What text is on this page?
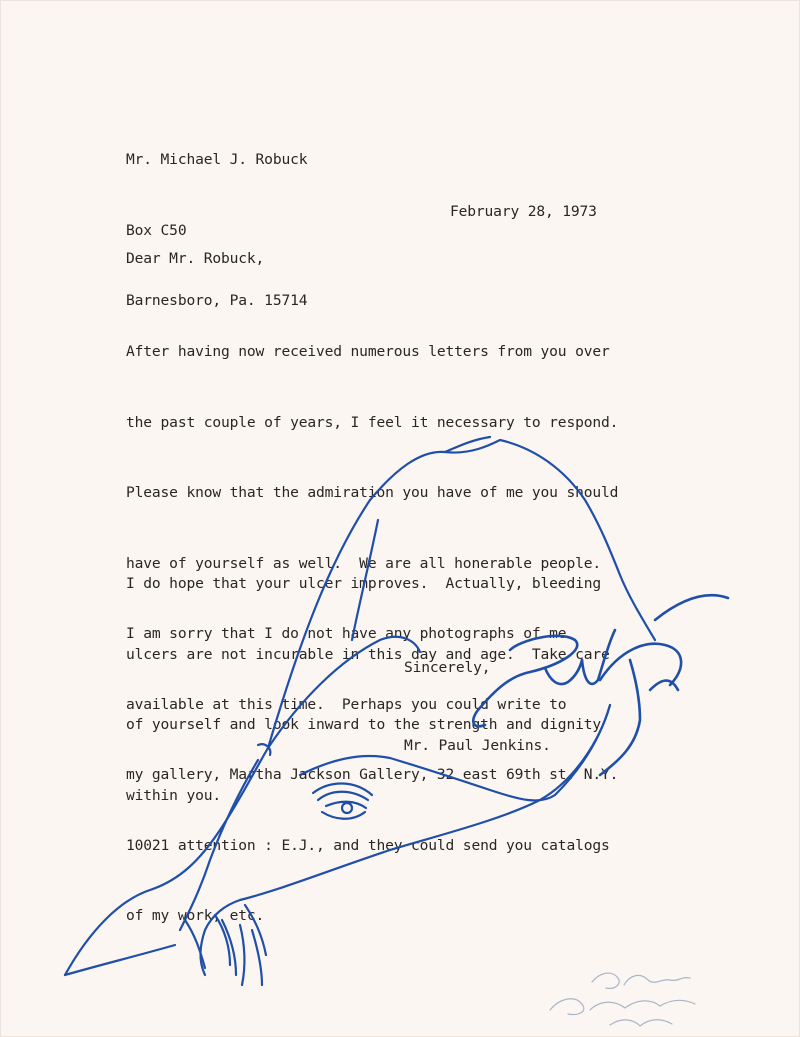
Mr. Michael J. Robuck

Box C50

Barnesboro, Pa. 15714

February 28, 1973
Dear Mr. Robuck,

After having now received numerous letters from you over

the past couple of years, I feel it necessary to respond.

Please know that the admiration you have of me you should

have of yourself as well.  We are all honerable people.

I am sorry that I do not have any photographs of me

available at this time.  Perhaps you could write to

my gallery, Martha Jackson Gallery, 32 east 69th st. N.Y.

10021 attention : E.J., and they could send you catalogs

of my work, etc.

I do hope that your ulcer improves.  Actually, bleeding

ulcers are not incurable in this day and age.  Take care

of yourself and look inward to the strength and dignity

within you.

Sincerely,
Mr. Paul Jenkins.
